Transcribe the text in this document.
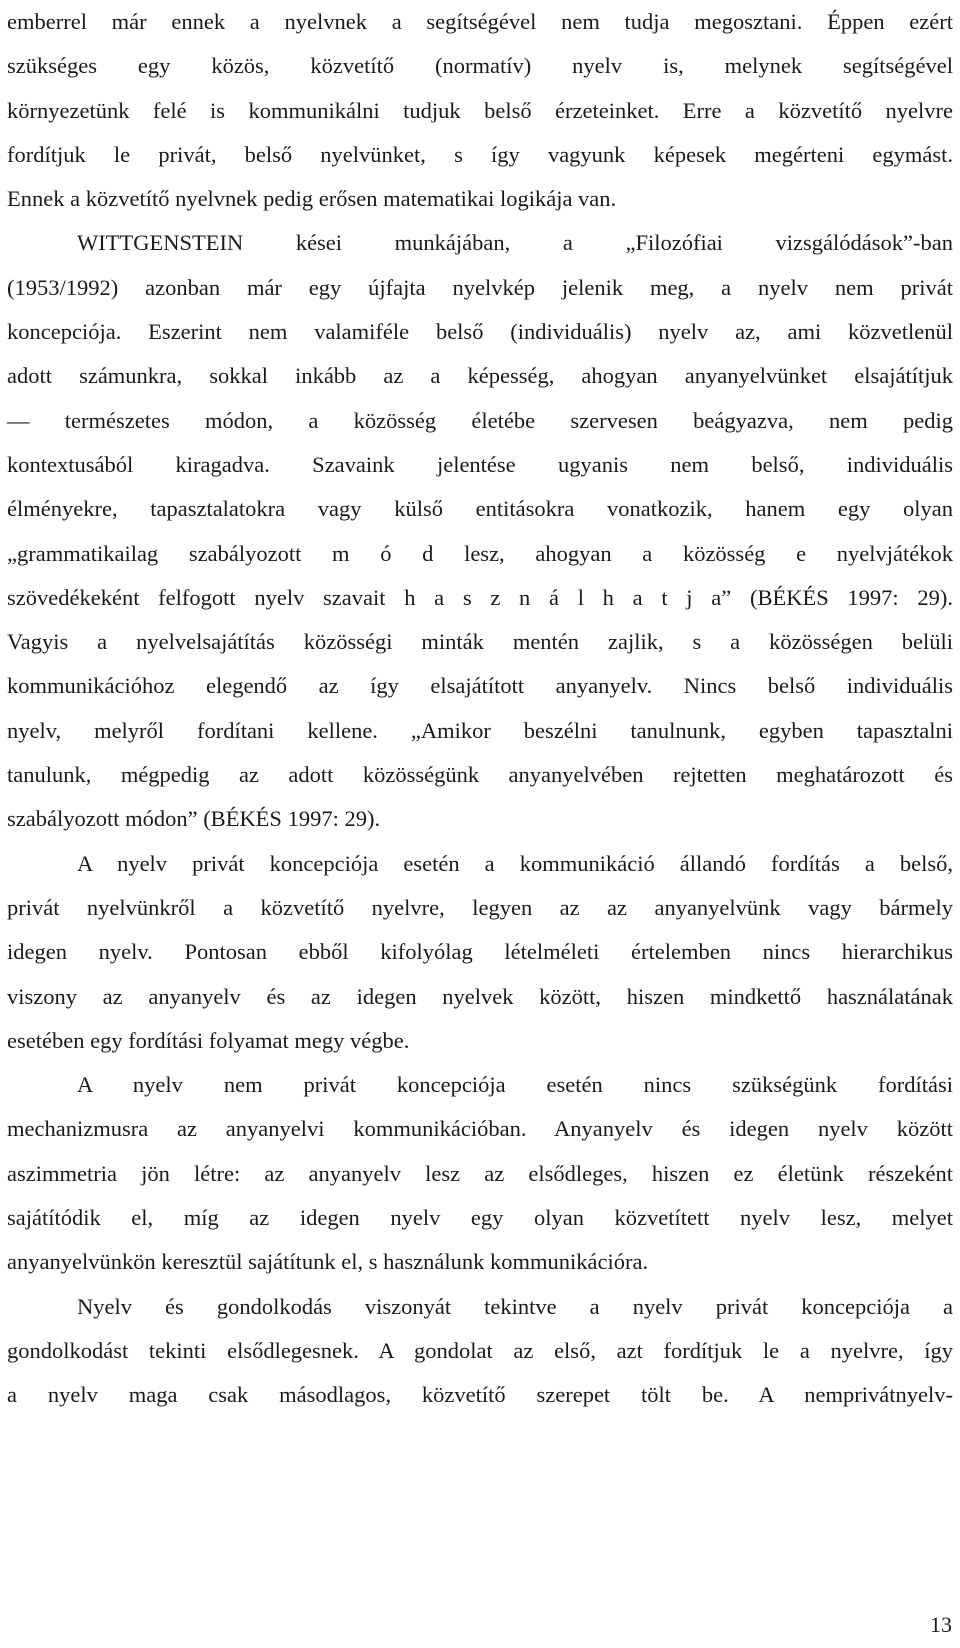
emberrel már ennek a nyelvnek a segítségével nem tudja megosztani. Éppen ezért
szükséges egy közös, közvetítő (normatív) nyelv is, melynek segítségével
környezetünk felé is kommunikálni tudjuk belső érzeteinket. Erre a közvetítő nyelvre
fordítjuk le privát, belső nyelvünket, s így vagyunk képesek megérteni egymást.
Ennek a közvetítő nyelvnek pedig erősen matematikai logikája van.
WITTGENSTEIN kései munkájában, a „Filozófiai vizsgálódások”-ban
(1953/1992) azonban már egy újfajta nyelvkép jelenik meg, a nyelv nem privát
koncepciója. Eszerint nem valamiféle belső (individuális) nyelv az, ami közvetlenül
adott számunkra, sokkal inkább az a képesség, ahogyan anyanyelvünket elsajátítjuk
— természetes módon, a közösség életébe szervesen beágyazva, nem pedig
kontextusából kiragadva. Szavaink jelentése ugyanis nem belső, individuális
élményekre, tapasztalatokra vagy külső entitásokra vonatkozik, hanem egy olyan
„grammatikailag szabályozott m ó d lesz, ahogyan a közösség e nyelvjátékok
szövedékeként felfogott nyelv szavait h a s z n á l h a t j a” (BÉKÉS 1997: 29).
Vagyis a nyelvelsajátítás közösségi minták mentén zajlik, s a közösségen belüli
kommunikációhoz elegendő az így elsajátított anyanyelv. Nincs belső individuális
nyelv, melyről fordítani kellene. „Amikor beszélni tanulnunk, egyben tapasztalni
tanulunk, mégpedig az adott közösségünk anyanyelvében rejtetten meghatározott és
szabályozott módon” (BÉKÉS 1997: 29).
A nyelv privát koncepciója esetén a kommunikáció állandó fordítás a belső,
privát nyelvünkről a közvetítő nyelvre, legyen az az anyanyelvünk vagy bármely
idegen nyelv. Pontosan ebből kifolyólag lételméleti értelemben nincs hierarchikus
viszony az anyanyelv és az idegen nyelvek között, hiszen mindkettő használatának
esetében egy fordítási folyamat megy végbe.
A nyelv nem privát koncepciója esetén nincs szükségünk fordítási
mechanizmusra az anyanyelvi kommunikációban. Anyanyelv és idegen nyelv között
aszimmetria jön létre: az anyanyelv lesz az elsődleges, hiszen ez életünk részeként
sajátítódik el, míg az idegen nyelv egy olyan közvetített nyelv lesz, melyet
anyanyelvünkön keresztül sajátítunk el, s használunk kommunikációra.
Nyelv és gondolkodás viszonyát tekintve a nyelv privát koncepciója a
gondolkodást tekinti elsődlegesnek. A gondolat az első, azt fordítjuk le a nyelvre, így
a nyelv maga csak másodlagos, közvetítő szerepet tölt be. A nemprivátnyelv-
13
